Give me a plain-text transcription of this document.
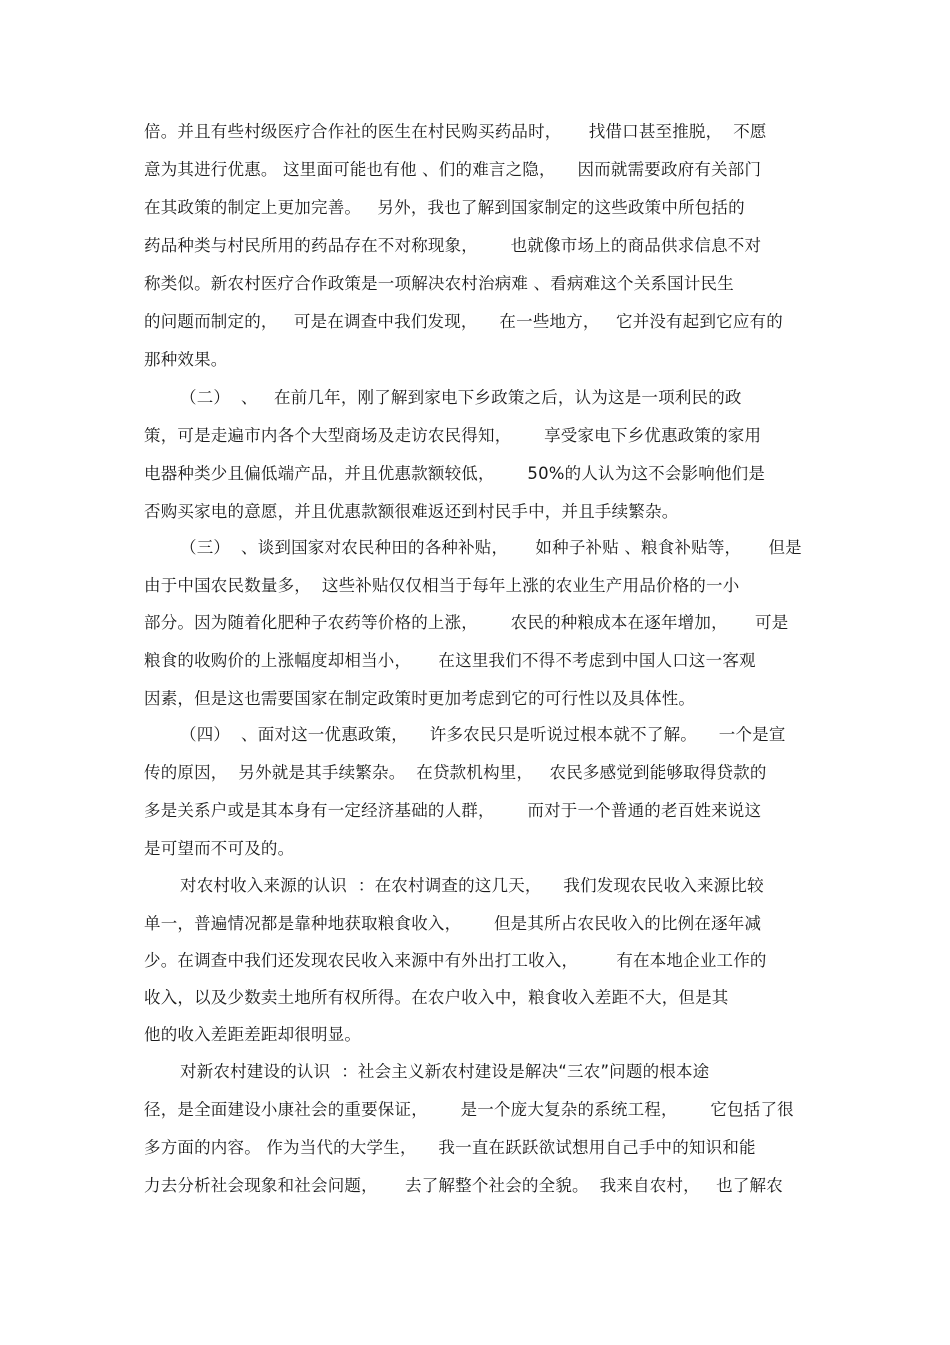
倍。并且有些村级医疗合作社的医生在村民购买药品时，     找借口甚至推脱，  不愿
意为其进行优惠。 这里面可能也有他 、们的难言之隐，    因而就需要政府有关部门
在其政策的制定上更加完善。   另外，我也了解到国家制定的这些政策中所包括的
药品种类与村民所用的药品存在不对称现象，      也就像市场上的商品供求信息不对
称类似。新农村医疗合作政策是一项解决农村治病难 、看病难这个关系国计民生
的问题而制定的，   可是在调查中我们发现，    在一些地方，   它并没有起到它应有的
那种效果。
（二）  、   在前几年，刚了解到家电下乡政策之后，认为这是一项利民的政
策，可是走遍市内各个大型商场及走访农民得知，      享受家电下乡优惠政策的家用
电器种类少且偏低端产品，并且优惠款额较低，      50%的人认为这不会影响他们是
否购买家电的意愿，并且优惠款额很难返还到村民手中，并且手续繁杂。
（三）  、谈到国家对农民种田的各种补贴，     如种子补贴 、粮食补贴等，     但是
由于中国农民数量多，  这些补贴仅仅相当于每年上涨的农业生产用品价格的一小
部分。因为随着化肥种子农药等价格的上涨，      农民的种粮成本在逐年增加，     可是
粮食的收购价的上涨幅度却相当小，     在这里我们不得不考虑到中国人口这一客观
因素，但是这也需要国家在制定政策时更加考虑到它的可行性以及具体性。
（四）  、面对这一优惠政策，    许多农民只是听说过根本就不了解。    一个是宣
传的原因，  另外就是其手续繁杂。  在贷款机构里，   农民多感觉到能够取得贷款的
多是关系户或是其本身有一定经济基础的人群，      而对于一个普通的老百姓来说这
是可望而不可及的。
对农村收入来源的认识  ：在农村调查的这几天，    我们发现农民收入来源比较
单一，普遍情况都是靠种地获取粮食收入，      但是其所占农民收入的比例在逐年减
少。在调查中我们还发现农民收入来源中有外出打工收入，       有在本地企业工作的
收入，以及少数卖土地所有权所得。在农户收入中，粮食收入差距不大，但是其
他的收入差距差距却很明显。
对新农村建设的认识  ：社会主义新农村建设是解决“三农”问题的根本途
径，是全面建设小康社会的重要保证，      是一个庞大复杂的系统工程，      它包括了很
多方面的内容。 作为当代的大学生，    我一直在跃跃欲试想用自己手中的知识和能
力去分析社会现象和社会问题，     去了解整个社会的全貌。  我来自农村，   也了解农
